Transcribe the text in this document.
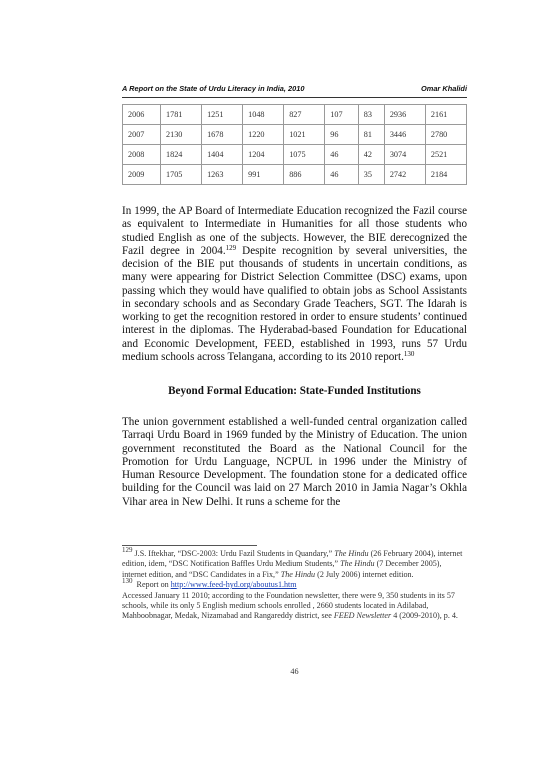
A Report on the State of Urdu Literacy in India, 2010	Omar Khalidi
2006	1781	1251	1048	827	107	83	2936	2161
2007	2130	1678	1220	1021	96	81	3446	2780
2008	1824	1404	1204	1075	46	42	3074	2521
2009	1705	1263	991	886	46	35	2742	2184

In 1999, the AP Board of Intermediate Education recognized the Fazil course as equivalent to Intermediate in Humanities for all those students who studied English as one of the subjects. However, the BIE derecognized the Fazil degree in 2004.$^{129}$ Despite recognition by several universities, the decision of the BIE put thousands of students in uncertain conditions, as many were appearing for District Selection Committee (DSC) exams, upon passing which they would have qualified to obtain jobs as School Assistants in secondary schools and as Secondary Grade Teachers, SGT. The Idarah is working to get the recognition restored in order to ensure students’ continued interest in the diplomas. The Hyderabad-based Foundation for Educational and Economic Development, FEED, established in 1993, runs 57 Urdu medium schools across Telangana, according to its 2010 report.$^{130}$

Beyond Formal Education: State-Funded Institutions

The union government established a well-funded central organization called Tarraqi Urdu Board in 1969 funded by the Ministry of Education. The union government reconstituted the Board as the National Council for the Promotion for Urdu Language, NCPUL in 1996 under the Ministry of Human Resource Development. The foundation stone for a dedicated office building for the Council was laid on 27 March 2010 in Jamia Nagar’s Okhla Vihar area in New Delhi. It runs a scheme for the

$^{129}$ J.S. Iftekhar, “DSC-2003: Urdu Fazil Students in Quandary,” The Hindu (26 February 2004), internet edition, idem, “DSC Notification Baffles Urdu Medium Students,” The Hindu (7 December 2005), internet edition, and “DSC Candidates in a Fix,” The Hindu (2 July 2006) internet edition.

$^{130}$  Report on http://www.feed-hyd.org/aboutus1.htm

Accessed January 11 2010; according to the Foundation newsletter, there were 9, 350 students in its 57 schools, while its only 5 English medium schools enrolled , 2660 students located in Adilabad, Mahboobnagar, Medak, Nizamabad and Rangareddy district, see FEED Newsletter 4 (2009-2010), p. 4.

46
